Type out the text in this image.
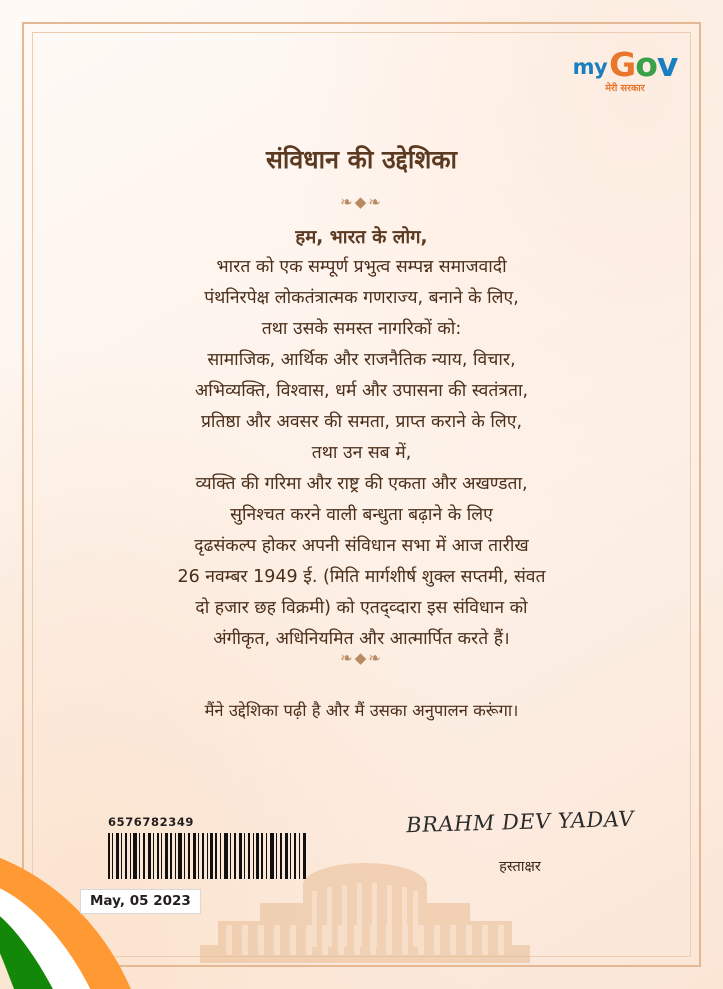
my Gov
मेरी सरकार
संविधान की उद्देशिका
❧◆❧
हम, भारत के लोग,
भारत को एक सम्पूर्ण प्रभुत्व सम्पन्न समाजवादी
पंथनिरपेक्ष लोकतंत्रात्मक गणराज्य, बनाने के लिए,
तथा उसके समस्त नागरिकों को:
सामाजिक, आर्थिक और राजनैतिक न्याय, विचार,
अभिव्यक्ति, विश्वास, धर्म और उपासना की स्वतंत्रता,
प्रतिष्ठा और अवसर की समता, प्राप्त कराने के लिए,
तथा उन सब में,
व्यक्ति की गरिमा और राष्ट्र की एकता और अखण्डता,
सुनिश्चत करने वाली बन्धुता बढ़ाने के लिए
दृढसंकल्प होकर अपनी संविधान सभा में आज तारीख
26 नवम्बर 1949 ई. (मिति मार्गशीर्ष शुक्ल सप्तमी, संवत
दो हजार छह विक्रमी) को एतद्व्दारा इस संविधान को
अंगीकृत, अधिनियमित और आत्मार्पित करते हैं।
❧◆❧
मैंने उद्देशिका पढ़ी है और मैं उसका अनुपालन करूंगा।
6576782349
May, 05 2023
BRAHM DEV YADAV
हस्ताक्षर
